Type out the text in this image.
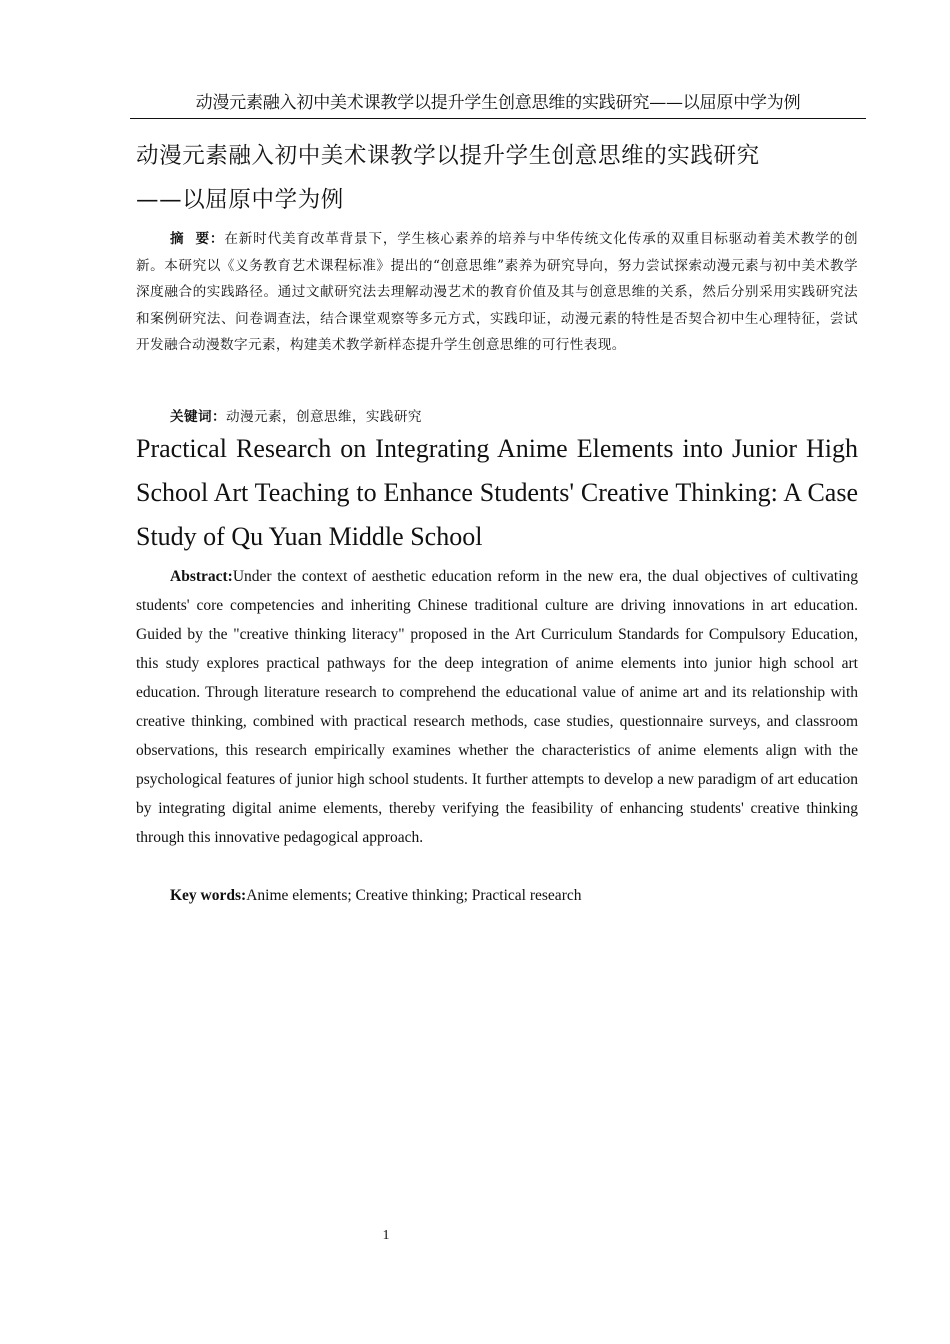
动漫元素融入初中美术课教学以提升学生创意思维的实践研究——以屈原中学为例
动漫元素融入初中美术课教学以提升学生创意思维的实践研究
——以屈原中学为例

摘  要：在新时代美育改革背景下，学生核心素养的培养与中华传统文化传承的双重目标驱动着美术教学的创新。本研究以《义务教育艺术课程标准》提出的“创意思维”素养为研究导向，努力尝试探索动漫元素与初中美术教学深度融合的实践路径。通过文献研究法去理解动漫艺术的教育价值及其与创意思维的关系，然后分别采用实践研究法和案例研究法、问卷调查法，结合课堂观察等多元方式，实践印证，动漫元素的特性是否契合初中生心理特征，尝试开发融合动漫数字元素，构建美术教学新样态提升学生创意思维的可行性表现。

关键词：动漫元素，创意思维，实践研究

Practical Research on Integrating Anime Elements into Junior High
School Art Teaching to Enhance Students' Creative Thinking: A Case
Study of Qu Yuan Middle School

Abstract:Under the context of aesthetic education reform in the new era, the dual objectives of cultivating students' core competencies and inheriting Chinese traditional culture are driving innovations in art education. Guided by the "creative thinking literacy" proposed in the Art Curriculum Standards for Compulsory Education, this study explores practical pathways for the deep integration of anime elements into junior high school art education. Through literature research to comprehend the educational value of anime art and its relationship with creative thinking, combined with practical research methods, case studies, questionnaire surveys, and classroom observations, this research empirically examines whether the characteristics of anime elements align with the psychological features of junior high school students. It further attempts to develop a new paradigm of art education by integrating digital anime elements, thereby verifying the feasibility of enhancing students' creative thinking through this innovative pedagogical approach.

Key words:Anime elements; Creative thinking; Practical research

1
